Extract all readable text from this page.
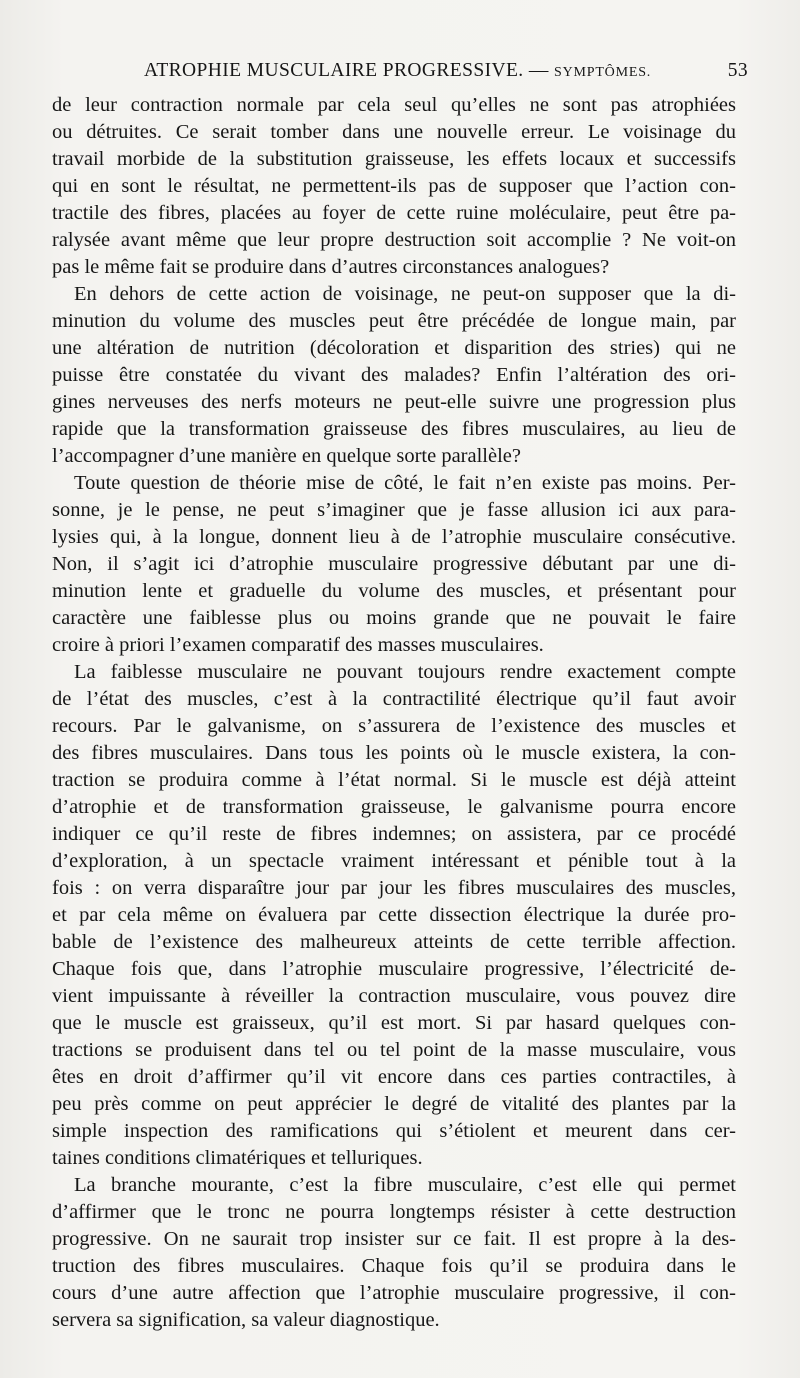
ATROPHIE MUSCULAIRE PROGRESSIVE. — SYMPTÔMES.	53
de leur contraction normale par cela seul qu’elles ne sont pas atrophiées
ou détruites. Ce serait tomber dans une nouvelle erreur. Le voisinage du
travail morbide de la substitution graisseuse, les effets locaux et successifs
qui en sont le résultat, ne permettent-ils pas de supposer que l’action con-
tractile des fibres, placées au foyer de cette ruine moléculaire, peut être pa-
ralysée avant même que leur propre destruction soit accomplie ? Ne voit-on
pas le même fait se produire dans d’autres circonstances analogues?
En dehors de cette action de voisinage, ne peut-on supposer que la di-
minution du volume des muscles peut être précédée de longue main, par
une altération de nutrition (décoloration et disparition des stries) qui ne
puisse être constatée du vivant des malades? Enfin l’altération des ori-
gines nerveuses des nerfs moteurs ne peut-elle suivre une progression plus
rapide que la transformation graisseuse des fibres musculaires, au lieu de
l’accompagner d’une manière en quelque sorte parallèle?
Toute question de théorie mise de côté, le fait n’en existe pas moins. Per-
sonne, je le pense, ne peut s’imaginer que je fasse allusion ici aux para-
lysies qui, à la longue, donnent lieu à de l’atrophie musculaire consécutive.
Non, il s’agit ici d’atrophie musculaire progressive débutant par une di-
minution lente et graduelle du volume des muscles, et présentant pour
caractère une faiblesse plus ou moins grande que ne pouvait le faire
croire à priori l’examen comparatif des masses musculaires.
La faiblesse musculaire ne pouvant toujours rendre exactement compte
de l’état des muscles, c’est à la contractilité électrique qu’il faut avoir
recours. Par le galvanisme, on s’assurera de l’existence des muscles et
des fibres musculaires. Dans tous les points où le muscle existera, la con-
traction se produira comme à l’état normal. Si le muscle est déjà atteint
d’atrophie et de transformation graisseuse, le galvanisme pourra encore
indiquer ce qu’il reste de fibres indemnes; on assistera, par ce procédé
d’exploration, à un spectacle vraiment intéressant et pénible tout à la
fois : on verra disparaître jour par jour les fibres musculaires des muscles,
et par cela même on évaluera par cette dissection électrique la durée pro-
bable de l’existence des malheureux atteints de cette terrible affection.
Chaque fois que, dans l’atrophie musculaire progressive, l’électricité de-
vient impuissante à réveiller la contraction musculaire, vous pouvez dire
que le muscle est graisseux, qu’il est mort. Si par hasard quelques con-
tractions se produisent dans tel ou tel point de la masse musculaire, vous
êtes en droit d’affirmer qu’il vit encore dans ces parties contractiles, à
peu près comme on peut apprécier le degré de vitalité des plantes par la
simple inspection des ramifications qui s’étiolent et meurent dans cer-
taines conditions climatériques et telluriques.
La branche mourante, c’est la fibre musculaire, c’est elle qui permet
d’affirmer que le tronc ne pourra longtemps résister à cette destruction
progressive. On ne saurait trop insister sur ce fait. Il est propre à la des-
truction des fibres musculaires. Chaque fois qu’il se produira dans le
cours d’une autre affection que l’atrophie musculaire progressive, il con-
servera sa signification, sa valeur diagnostique.
